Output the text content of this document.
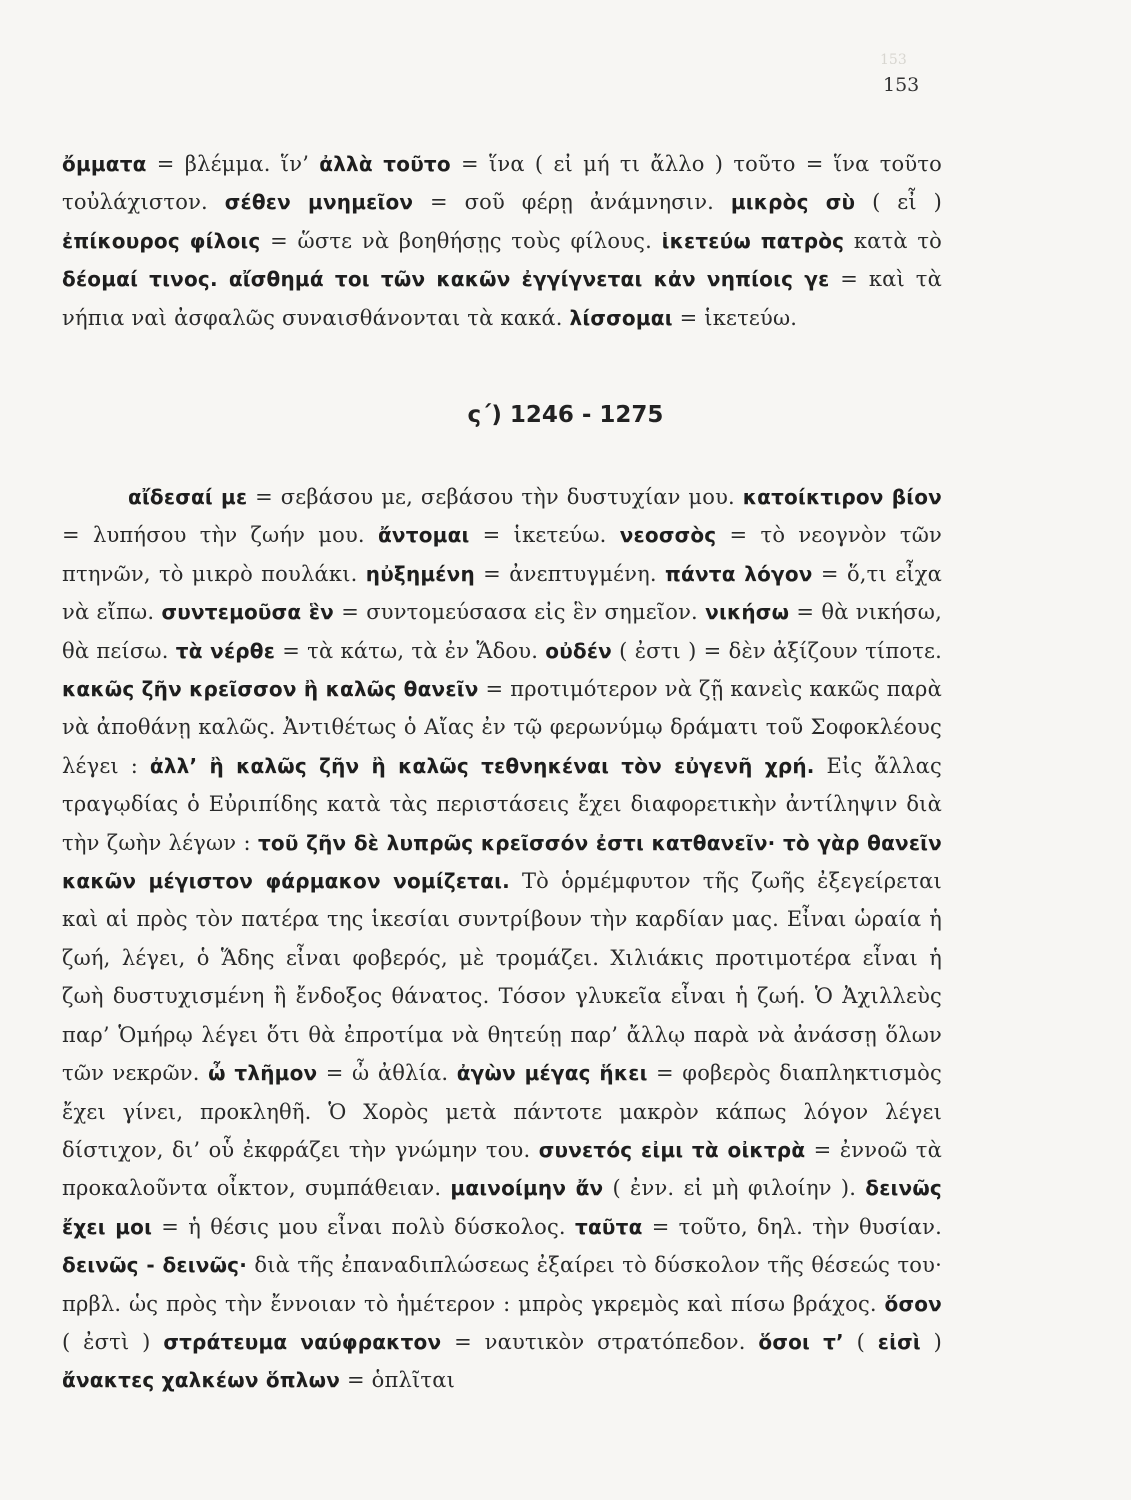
153
153
ὄμματα = βλέμμα. ἵν’ ἀλλὰ τοῦτο = ἵνα ( εἰ μή τι ἄλλο ) τοῦτο = ἵνα τοῦτο τοὐλάχιστον. σέθεν μνημεῖον = σοῦ φέρῃ ἀνάμνησιν. μικρὸς σὺ ( εἶ ) ἐπίκουρος φίλοις = ὥστε νὰ βοηθήσῃς τοὺς φίλους. ἱκετεύω πατρὸς κατὰ τὸ δέομαί τινος. αἴσθημά τοι τῶν κακῶν ἐγγίγνεται κἀν νηπίοις γε = καὶ τὰ νήπια ναὶ ἀσφαλῶς συναισθάνονται τὰ κακά. λίσσομαι = ἱκετεύω.
ς΄) 1246 - 1275
αἴδεσαί με = σεβάσου με, σεβάσου τὴν δυστυχίαν μου. κατοίκτιρον βίον = λυπήσου τὴν ζωήν μου. ἄντομαι = ἱκετεύω. νεοσσὸς = τὸ νεογνὸν τῶν πτηνῶν, τὸ μικρὸ πουλάκι. ηὐξημένη = ἀνεπτυγμένη. πάντα λόγον = ὅ,τι εἶχα νὰ εἴπω. συντεμοῦσα ἓν = συντομεύσασα εἰς ἓν σημεῖον. νικήσω = θὰ νικήσω, θὰ πείσω. τὰ νέρθε = τὰ κάτω, τὰ ἐν Ἅδου. οὐδέν ( ἐστι ) = δὲν ἀξίζουν τίποτε. κακῶς ζῆν κρεῖσσον ἢ καλῶς θανεῖν = προτιμότερον νὰ ζῇ κανεὶς κακῶς παρὰ νὰ ἀποθάνῃ καλῶς. Ἀντιθέτως ὁ Αἴας ἐν τῷ φερωνύμῳ δράματι τοῦ Σοφοκλέους λέγει : ἀλλ’ ἢ καλῶς ζῆν ἢ καλῶς τεθνηκέναι τὸν εὐγενῆ χρή. Εἰς ἄλλας τραγῳδίας ὁ Εὐριπίδης κατὰ τὰς περιστάσεις ἔχει διαφορετικὴν ἀντίληψιν διὰ τὴν ζωὴν λέγων : τοῦ ζῆν δὲ λυπρῶς κρεῖσσόν ἐστι κατθανεῖν· τὸ γὰρ θανεῖν κακῶν μέγιστον φάρμακον νομίζεται. Τὸ ὁρμέμφυτον τῆς ζωῆς ἐξεγείρεται καὶ αἱ πρὸς τὸν πατέρα της ἱκεσίαι συντρίβουν τὴν καρδίαν μας. Εἶναι ὡραία ἡ ζωή, λέγει, ὁ Ἅδης εἶναι φοβερός, μὲ τρομάζει. Χιλιάκις προτιμοτέρα εἶναι ἡ ζωὴ δυστυχισμένη ἢ ἔνδοξος θάνατος. Τόσον γλυκεῖα εἶναι ἡ ζωή. Ὁ Ἀχιλλεὺς παρ’ Ὁμήρῳ λέγει ὅτι θὰ ἐπροτίμα νὰ θητεύῃ παρ’ ἄλλῳ παρὰ νὰ ἀνάσσῃ ὅλων τῶν νεκρῶν. ὦ τλῆμον = ὦ ἀθλία. ἀγὼν μέγας ἥκει = φοβερὸς διαπληκτισμὸς ἔχει γίνει, προκληθῆ. Ὁ Χορὸς μετὰ πάντοτε μακρὸν κάπως λόγον λέγει δίστιχον, δι’ οὗ ἐκφράζει τὴν γνώμην του. συνετός εἰμι τὰ οἰκτρὰ = ἐννοῶ τὰ προκαλοῦντα οἶκτον, συμπάθειαν. μαινοίμην ἄν ( ἐνν. εἰ μὴ φιλοίην ). δεινῶς ἔχει μοι = ἡ θέσις μου εἶναι πολὺ δύσκολος. ταῦτα = τοῦτο, δηλ. τὴν θυσίαν. δεινῶς - δεινῶς· διὰ τῆς ἐπαναδιπλώσεως ἐξαίρει τὸ δύσκολον τῆς θέσεώς του· πρβλ. ὡς πρὸς τὴν ἔννοιαν τὸ ἡμέτερον : μπρὸς γκρεμὸς καὶ πίσω βράχος. ὅσον ( ἐστὶ ) στράτευμα ναύφρακτον = ναυτικὸν στρατόπεδον. ὅσοι τ’ ( εἰσὶ ) ἄνακτες χαλκέων ὅπλων = ὁπλῖται
